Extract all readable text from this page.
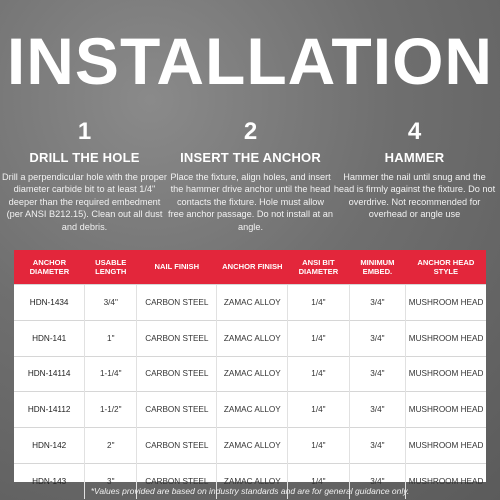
INSTALLATION
1
DRILL THE HOLE
Drill a perpendicular hole with the proper diameter carbide bit to at least 1/4" deeper than the required embedment (per ANSI B212.15). Clean out all dust and debris.
2
INSERT THE ANCHOR
Place the fixture, align holes, and insert the hammer drive anchor until the head contacts the fixture. Hole must allow free anchor passage. Do not install at an angle.
4
HAMMER
Hammer the nail until snug and the head is firmly against the fixture. Do not overdrive. Not recommended for overhead or angle use
ANCHOR DIAMETER	USABLE LENGTH	NAIL FINISH	ANCHOR FINISH	ANSI BIT DIAMETER	MINIMUM EMBED.	ANCHOR HEAD STYLE
HDN-1434	3/4"	CARBON STEEL	ZAMAC ALLOY	1/4"	3/4"	MUSHROOM HEAD
HDN-141	1"	CARBON STEEL	ZAMAC ALLOY	1/4"	3/4"	MUSHROOM HEAD
HDN-14114	1-1/4"	CARBON STEEL	ZAMAC ALLOY	1/4"	3/4"	MUSHROOM HEAD
HDN-14112	1-1/2"	CARBON STEEL	ZAMAC ALLOY	1/4"	3/4"	MUSHROOM HEAD
HDN-142	2"	CARBON STEEL	ZAMAC ALLOY	1/4"	3/4"	MUSHROOM HEAD
HDN-143	3"	CARBON STEEL	ZAMAC ALLOY	1/4"	3/4"	MUSHROOM HEAD
*Values provided are based on industry standards and are for general guidance only.
